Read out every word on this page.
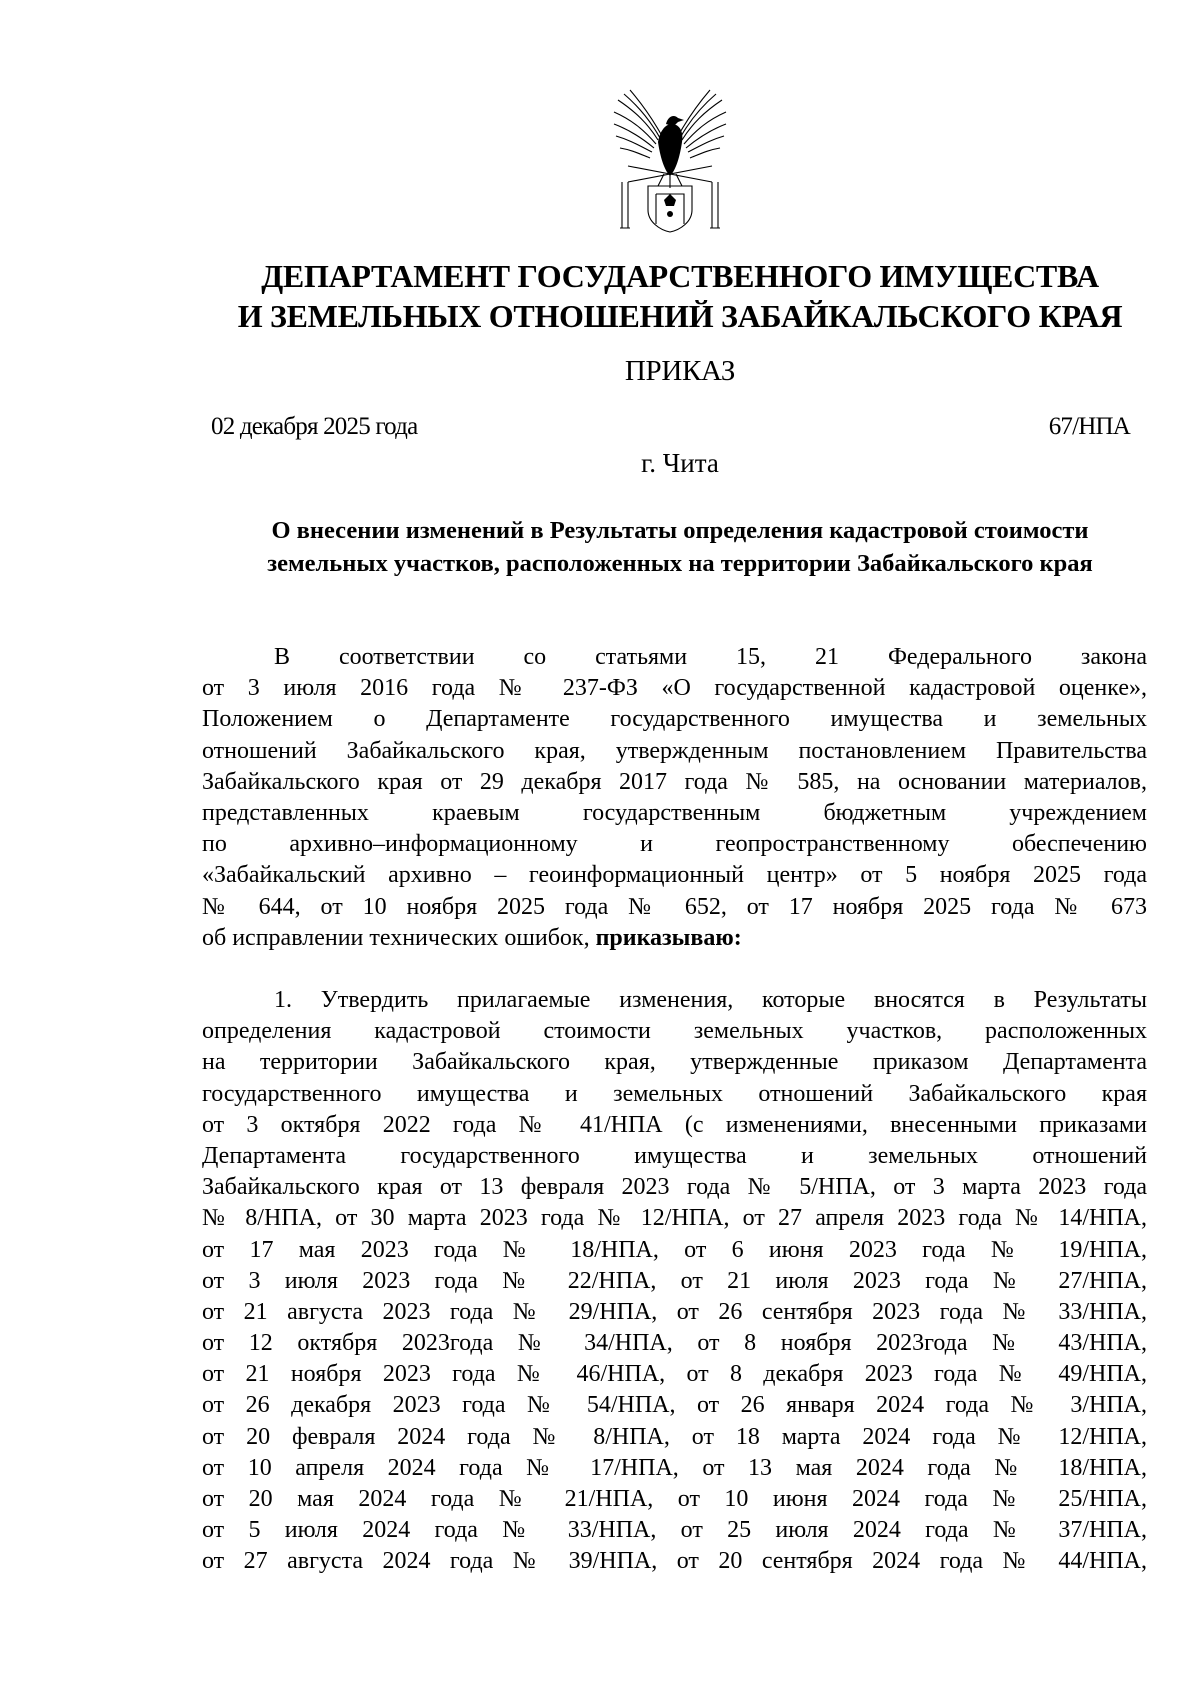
ДЕПАРТАМЕНТ ГОСУДАРСТВЕННОГО ИМУЩЕСТВА
И ЗЕМЕЛЬНЫХ ОТНОШЕНИЙ ЗАБАЙКАЛЬСКОГО КРАЯ
ПРИКАЗ
02 декабря 2025 года	67/НПА
г. Чита
О внесении изменений в Результаты определения кадастровой стоимости
земельных участков, расположенных на территории Забайкальского края
В соответствии со статьями 15, 21 Федерального закона
от 3 июля 2016 года № 237-ФЗ «О государственной кадастровой оценке»,
Положением о Департаменте государственного имущества и земельных
отношений Забайкальского края, утвержденным постановлением Правительства
Забайкальского края от 29 декабря 2017 года № 585, на основании материалов,
представленных краевым государственным бюджетным учреждением
по архивно–информационному и геопространственному обеспечению
«Забайкальский архивно – геоинформационный центр» от 5 ноября 2025 года
№ 644, от 10 ноября 2025 года № 652, от 17 ноября 2025 года № 673
об исправлении технических ошибок, приказываю:
1. Утвердить прилагаемые изменения, которые вносятся в Результаты
определения кадастровой стоимости земельных участков, расположенных
на территории Забайкальского края, утвержденные приказом Департамента
государственного имущества и земельных отношений Забайкальского края
от 3 октября 2022 года № 41/НПА (с изменениями, внесенными приказами
Департамента государственного имущества и земельных отношений
Забайкальского края от 13 февраля 2023 года № 5/НПА, от 3 марта 2023 года
№ 8/НПА, от 30 марта 2023 года № 12/НПА, от 27 апреля 2023 года № 14/НПА,
от 17 мая 2023 года № 18/НПА, от 6 июня 2023 года № 19/НПА,
от 3 июля 2023 года № 22/НПА, от 21 июля 2023 года № 27/НПА,
от 21 августа 2023 года № 29/НПА, от 26 сентября 2023 года № 33/НПА,
от 12 октября 2023года № 34/НПА, от 8 ноября 2023года № 43/НПА,
от 21 ноября 2023 года № 46/НПА, от 8 декабря 2023 года № 49/НПА,
от 26 декабря 2023 года № 54/НПА, от 26 января 2024 года № 3/НПА,
от 20 февраля 2024 года № 8/НПА, от 18 марта 2024 года № 12/НПА,
от 10 апреля 2024 года № 17/НПА, от 13 мая 2024 года № 18/НПА,
от 20 мая 2024 года № 21/НПА, от 10 июня 2024 года № 25/НПА,
от 5 июля 2024 года № 33/НПА, от 25 июля 2024 года № 37/НПА,
от 27 августа 2024 года № 39/НПА, от 20 сентября 2024 года № 44/НПА,
